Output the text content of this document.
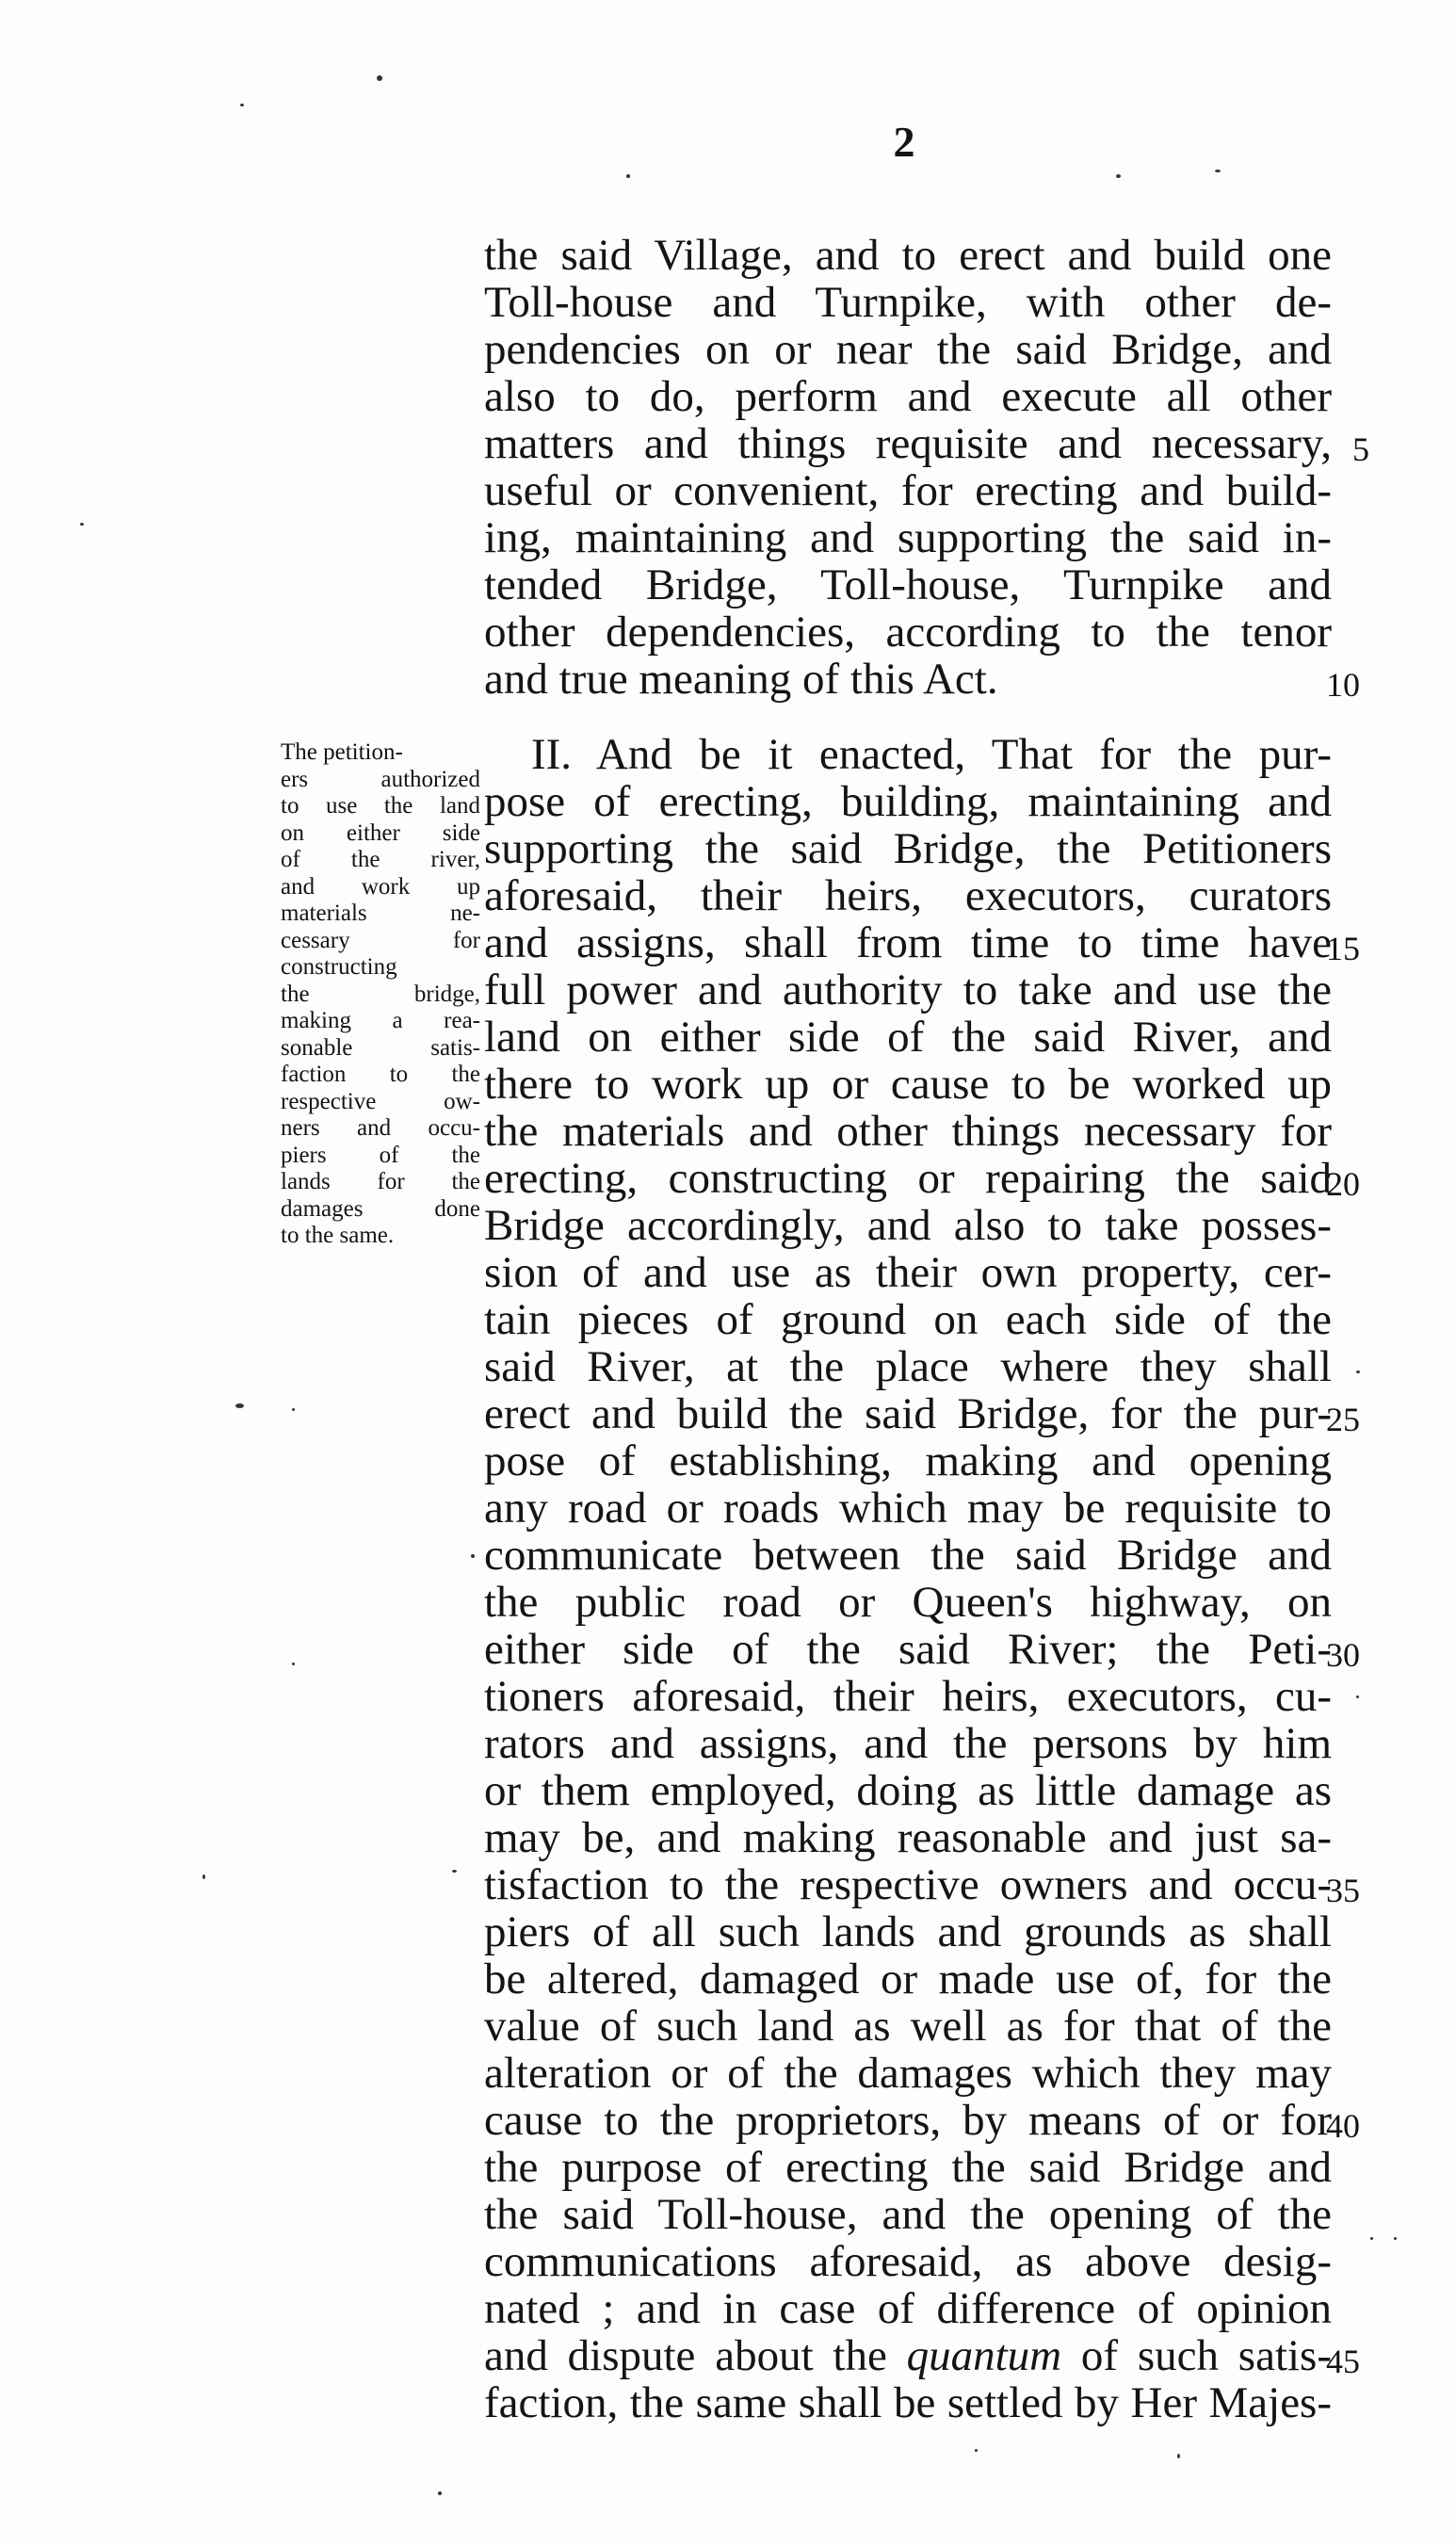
2
The petition-
ers authorized
to use the land
on either side
of the river,
and work up
materials ne-
cessary for
constructing
the bridge,
making a rea-
sonable satis-
faction to the
respective ow-
ners and occu-
piers of the
lands for the
damages done
to the same.
the said Village, and to erect and build one
Toll-house and Turnpike, with other de-
pendencies on or near the said Bridge, and
also to do, perform and execute all other
matters and things requisite and necessary,
useful or convenient, for erecting and build-
ing, maintaining and supporting the said in-
tended Bridge, Toll-house, Turnpike and
other dependencies, according to the tenor
and true meaning of this Act.
II. And be it enacted, That for the pur-
pose of erecting, building, maintaining and
supporting the said Bridge, the Petitioners
aforesaid, their heirs, executors, curators
and assigns, shall from time to time have
full power and authority to take and use the
land on either side of the said River, and
there to work up or cause to be worked up
the materials and other things necessary for
erecting, constructing or repairing the said
Bridge accordingly, and also to take posses-
sion of and use as their own property, cer-
tain pieces of ground on each side of the
said River, at the place where they shall
erect and build the said Bridge, for the pur-
pose of establishing, making and opening
any road or roads which may be requisite to
communicate between the said Bridge and
the public road or Queen's highway, on
either side of the said River; the Peti-
tioners aforesaid, their heirs, executors, cu-
rators and assigns, and the persons by him
or them employed, doing as little damage as
may be, and making reasonable and just sa-
tisfaction to the respective owners and occu-
piers of all such lands and grounds as shall
be altered, damaged or made use of, for the
value of such land as well as for that of the
alteration or of the damages which they may
cause to the proprietors, by means of or for
the purpose of erecting the said Bridge and
the said Toll-house, and the opening of the
communications aforesaid, as above desig-
nated ; and in case of difference of opinion
and dispute about the quantum of such satis-
faction, the same shall be settled by Her Majes-
5
10
15
20
25
30
35
40
45
